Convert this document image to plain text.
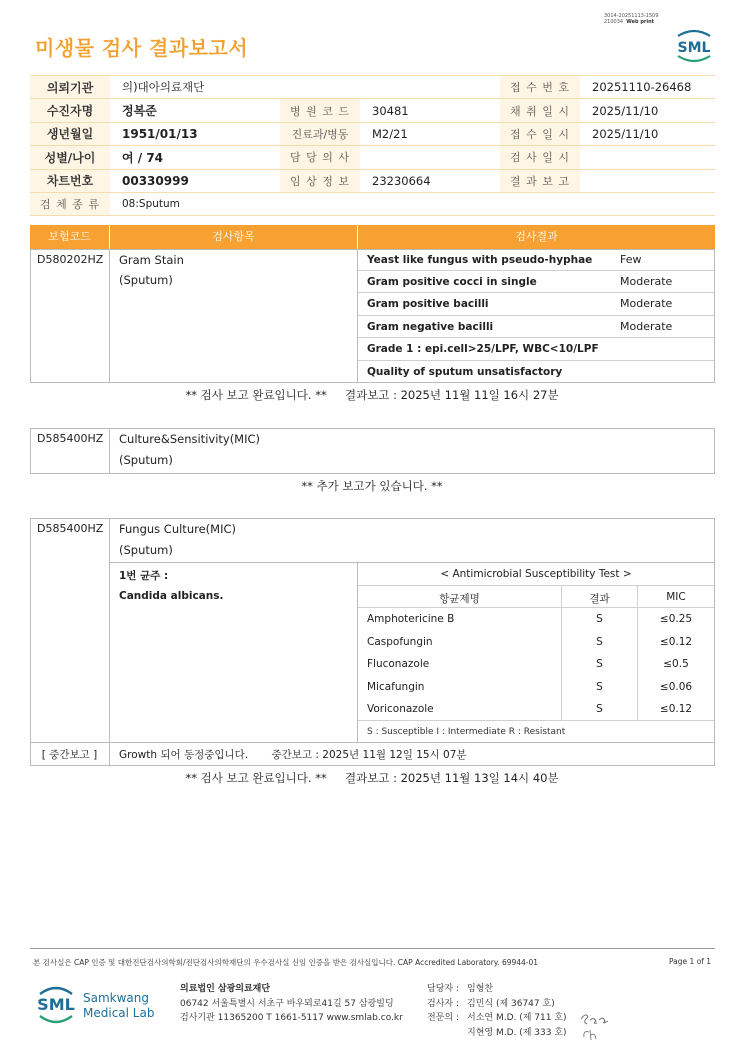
3014-20251113-1509
210034 Web print
미생물 검사 결과보고서	SML
의뢰기관	의)대아의료재단			접 수 번 호	20251110-26468
수진자명	정복준	병 원 코 드	30481	채 취 일 시	2025/11/10
생년월일	1951/01/13	진료과/병동	M2/21	접 수 일 시	2025/11/10
성별/나이	여 / 74	담 당 의 사		검 사 일 시	
차트번호	00330999	임 상 정 보	23230664	결 과 보 고	
검 체 종 류	08:Sputum				
보험코드	검사항목	검사결과
D580202HZ Gram Stain
(Sputum)
Yeast like fungus with pseudo-hyphae	Few
Gram positive cocci in single	Moderate
Gram positive bacilli	Moderate
Gram negative bacilli	Moderate
Grade 1 : epi.cell>25/LPF, WBC<10/LPF
Quality of sputum unsatisfactory
** 검사 보고 완료입니다. **     결과보고 : 2025년 11월 11일 16시 27분
D585400HZ Culture&Sensitivity(MIC)
(Sputum)
** 추가 보고가 있습니다. **
D585400HZ Fungus Culture(MIC)
(Sputum)
1번 균주 :
Candida albicans.
< Antimicrobial Susceptibility Test >
항균제명	결과	MIC
Amphotericine B	S	≤0.25
Caspofungin	S	≤0.12
Fluconazole	S	≤0.5
Micafungin	S	≤0.06
Voriconazole	S	≤0.12
S : Susceptible I : Intermediate R : Resistant
[ 중간보고 ]	Growth 되어 동정중입니다.       중간보고 : 2025년 11월 12일 15시 07분
** 검사 보고 완료입니다. **     결과보고 : 2025년 11월 13일 14시 40분
본 검사실은 CAP 인증 및 대한진단검사의학회/진단검사의학재단의 우수검사실 신임 인증을 받은 검사실입니다. CAP Accredited Laboratory. 69944-01	Page 1 of 1
SML Samkwang
Medical Lab
의료법인 삼광의료재단
06742 서울특별시 서초구 바우뫼로41길 57 삼광빌딩
검사기관 11365200 T 1661-5117 www.smlab.co.kr
담당자 : 임형찬
검사자 : 김민식 (제 36747 호)
전문의 : 서소연 M.D. (제 711 호)
지현영 M.D. (제 333 호)
